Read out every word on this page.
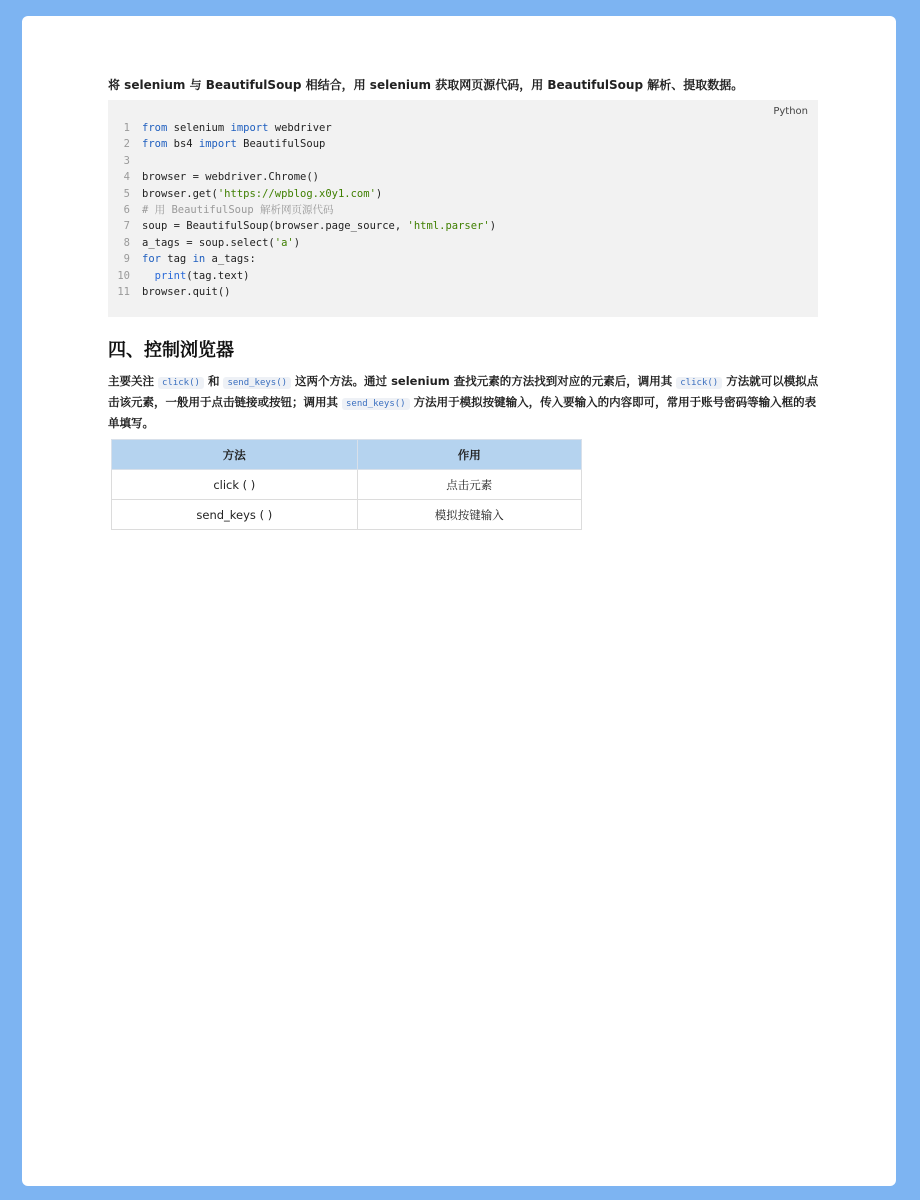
将 selenium 与 BeautifulSoup 相结合，用 selenium 获取网页源代码，用 BeautifulSoup 解析、提取数据。
Python
1 from selenium import webdriver
2 from bs4 import BeautifulSoup
3
4 browser = webdriver.Chrome()
5 browser.get('https://wpblog.x0y1.com')
6 # 用 BeautifulSoup 解析网页源代码
7 soup = BeautifulSoup(browser.page_source, 'html.parser')
8 a_tags = soup.select('a')
9 for tag in a_tags:
10	print(tag.text)
11 browser.quit()
四、控制浏览器
主要关注 click() 和 send_keys() 这两个方法。通过 selenium 查找元素的方法找到对应的元素后，调用其 click() 方法就可以模拟点击该元素，一般用于点击链接或按钮；调用其 send_keys() 方法用于模拟按键输入，传入要输入的内容即可，常用于账号密码等输入框的表单填写。
方法	作用
click ( )	点击元素
send_keys ( )	模拟按键输入
